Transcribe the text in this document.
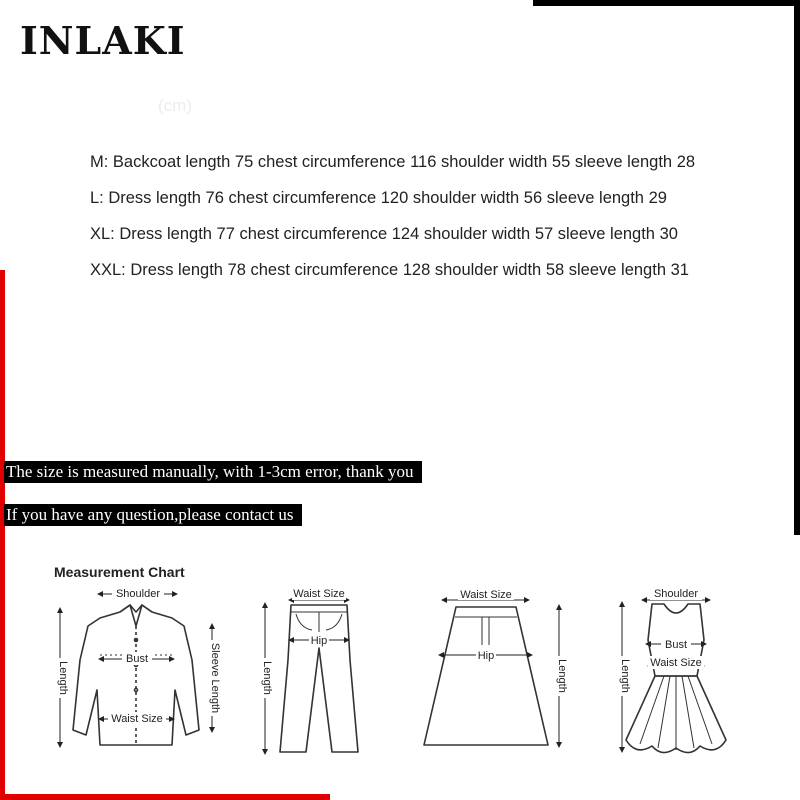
INLAKI
(cm)
M: Backcoat length 75 chest circumference 116 shoulder width 55 sleeve length 28
L: Dress length 76 chest circumference 120 shoulder width 56 sleeve length 29
XL: Dress length 77 chest circumference 124 shoulder width 57 sleeve length 30
XXL: Dress length 78 chest circumference 128 shoulder width 58 sleeve length 31
The size is measured manually, with 1-3cm error, thank you
If you have any question,please contact us
Measurement Chart
Shoulder
Bust
Waist Size
Length	Sleeve Length
Waist Size
Hip
Length
Waist Size
Hip
Length
Shoulder
Bust
Waist Size
Length
